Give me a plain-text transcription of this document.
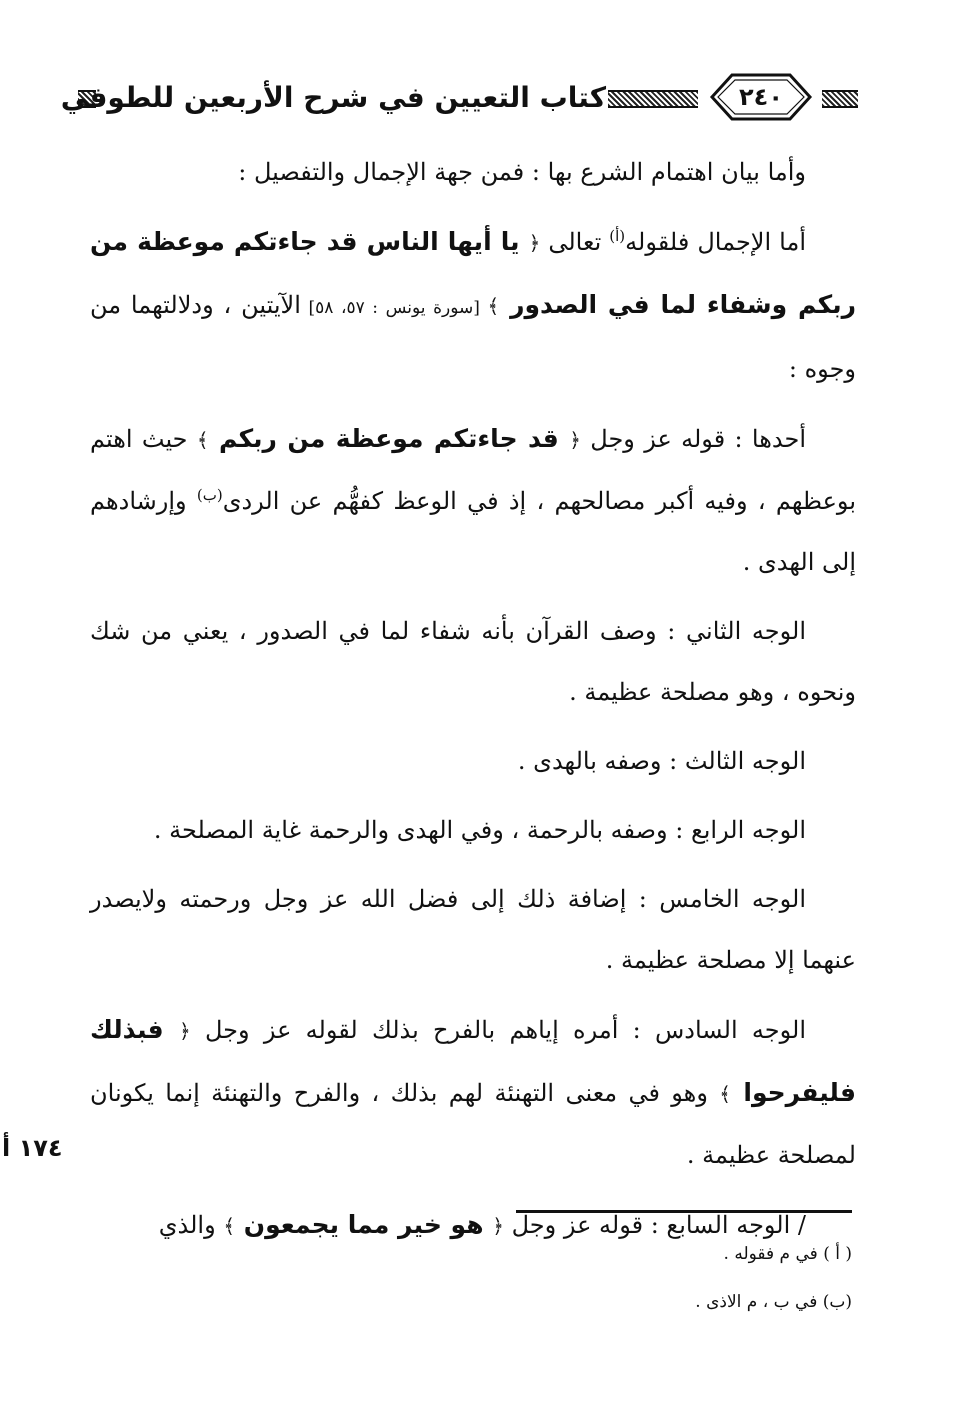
كتاب التعيين في شرح الأربعين للطوفي	٢٤٠

وأما بيان اهتمام الشرع بها : فمن جهة الإجمال والتفصيل :

أما الإجمال فلقوله$^{(أ)}$ تعالى ﴿ يا أيها الناس قد جاءتكم موعظة من ربكم وشفاء لما في الصدور ﴾ [سورة يونس : ٥٧، ٥٨] الآيتين ، ودلالتهما من وجوه :

أحدها : قوله عز وجل ﴿ قد جاءتكم موعظة من ربكم ﴾ حيث اهتم بوعظهم ، وفيه أكبر مصالحهم ، إذ في الوعظ كفهُّم عن الردى$^{(ب)}$ وإرشادهم إلى الهدى .

الوجه الثاني : وصف القرآن بأنه شفاء لما في الصدور ، يعني من شك ونحوه ، وهو مصلحة عظيمة .

الوجه الثالث : وصفه بالهدى .

الوجه الرابع : وصفه بالرحمة ، وفي الهدى والرحمة غاية المصلحة .

الوجه الخامس : إضافة ذلك إلى فضل الله عز وجل ورحمته ولايصدر عنهما إلا مصلحة عظيمة .

الوجه السادس : أمره إياهم بالفرح بذلك لقوله عز وجل ﴿ فبذلك فليفرحوا ﴾ وهو في معنى التهنئة لهم بذلك ، والفرح والتهنئة إنما يكونان لمصلحة عظيمة .

/ الوجه السابع : قوله عز وجل ﴿ هو خير مما يجمعون ﴾ والذي

١٧٤ أ

( أ ) في م فقوله .

(ب) في ب ، م الاذى .
